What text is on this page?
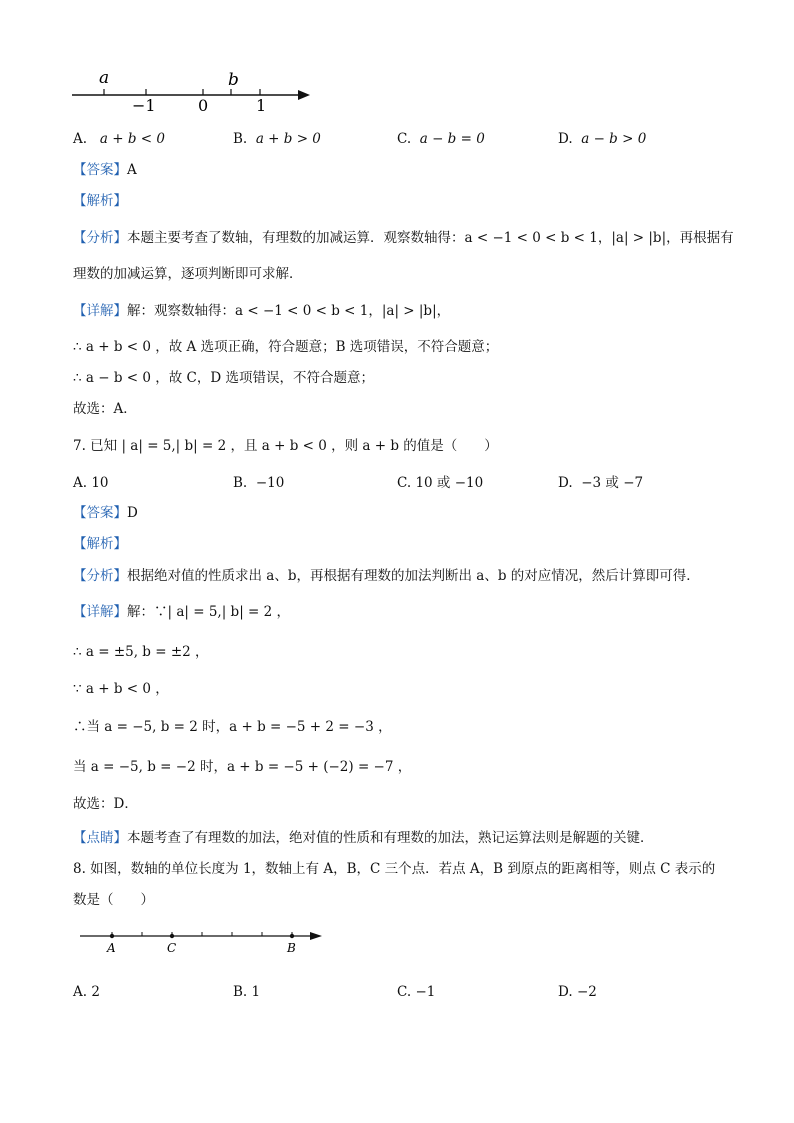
a	b
−1	0	1
A. a + b < 0	B. a + b > 0	C. a − b = 0	D. a − b > 0
【答案】A
【解析】
【分析】本题主要考查了数轴，有理数的加减运算．观察数轴得：a < −1 < 0 < b < 1，|a| > |b|，再根据有
理数的加减运算，逐项判断即可求解．
【详解】解：观察数轴得：a < −1 < 0 < b < 1，|a| > |b|，
∴ a + b < 0 ，故 A 选项正确，符合题意；B 选项错误，不符合题意；
∴ a − b < 0 ，故 C，D 选项错误，不符合题意；
故选：A．
7. 已知 | a| = 5,| b| = 2 ，且 a + b < 0 ，则 a + b 的值是（　　）
A. 10	B. −10	C. 10 或 −10	D. −3 或 −7
【答案】D
【解析】
【分析】根据绝对值的性质求出 a、b，再根据有理数的加法判断出 a、b 的对应情况，然后计算即可得．
【详解】解：∵| a| = 5,| b| = 2 ，
∴ a = ±5, b = ±2 ，
∵ a + b < 0 ，
∴当 a = −5, b = 2 时，a + b = −5 + 2 = −3 ，
当 a = −5, b = −2 时，a + b = −5 + (−2) = −7 ，
故选：D．
【点睛】本题考查了有理数的加法，绝对值的性质和有理数的加法，熟记运算法则是解题的关键．
8. 如图，数轴的单位长度为 1，数轴上有 A，B，C 三个点．若点 A，B 到原点的距离相等，则点 C 表示的
数是（　　）
A	C	B
A. 2	B. 1	C. −1	D. −2
